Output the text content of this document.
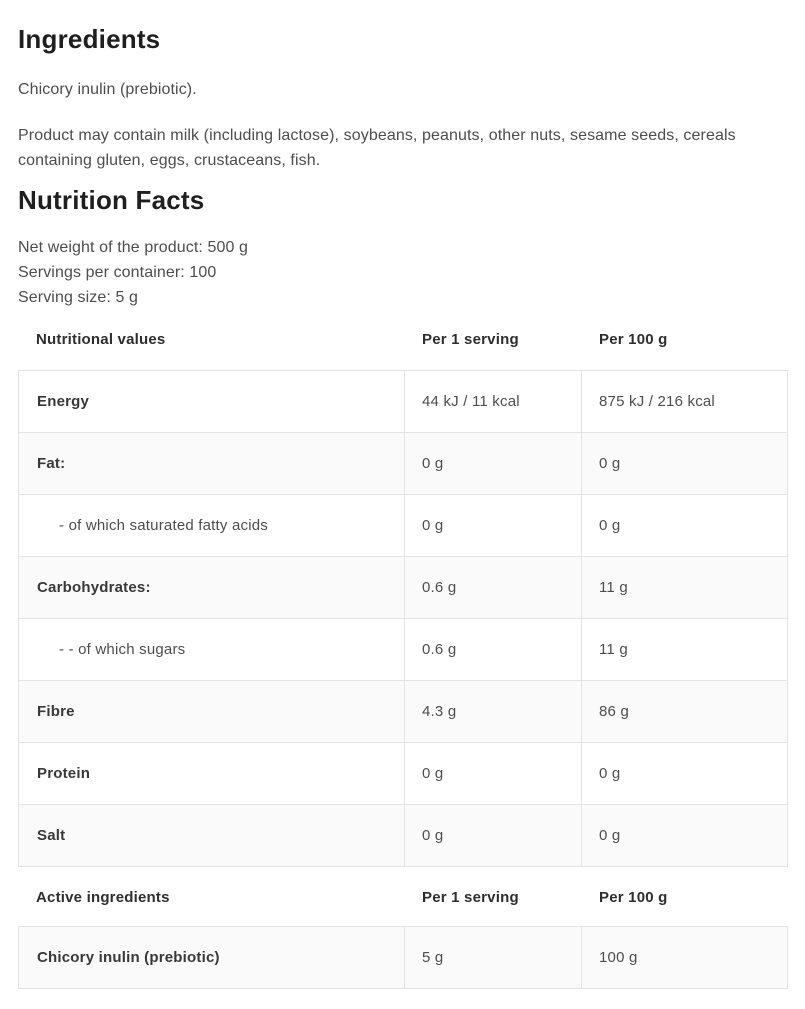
Ingredients

Chicory inulin (prebiotic).

Product may contain milk (including lactose), soybeans, peanuts, other nuts, sesame seeds, cereals containing gluten, eggs, crustaceans, fish.

Nutrition Facts

Net weight of the product: 500 g

Servings per container: 100

Serving size: 5 g

Nutritional values	Per 1 serving	Per 100 g
Energy	44 kJ / 11 kcal	875 kJ / 216 kcal
Fat:	0 g	0 g
- of which saturated fatty acids	0 g	0 g
Carbohydrates:	0.6 g	11 g
- - of which sugars	0.6 g	11 g
Fibre	4.3 g	86 g
Protein	0 g	0 g
Salt	0 g	0 g
Active ingredients	Per 1 serving	Per 100 g
Chicory inulin (prebiotic)	5 g	100 g
